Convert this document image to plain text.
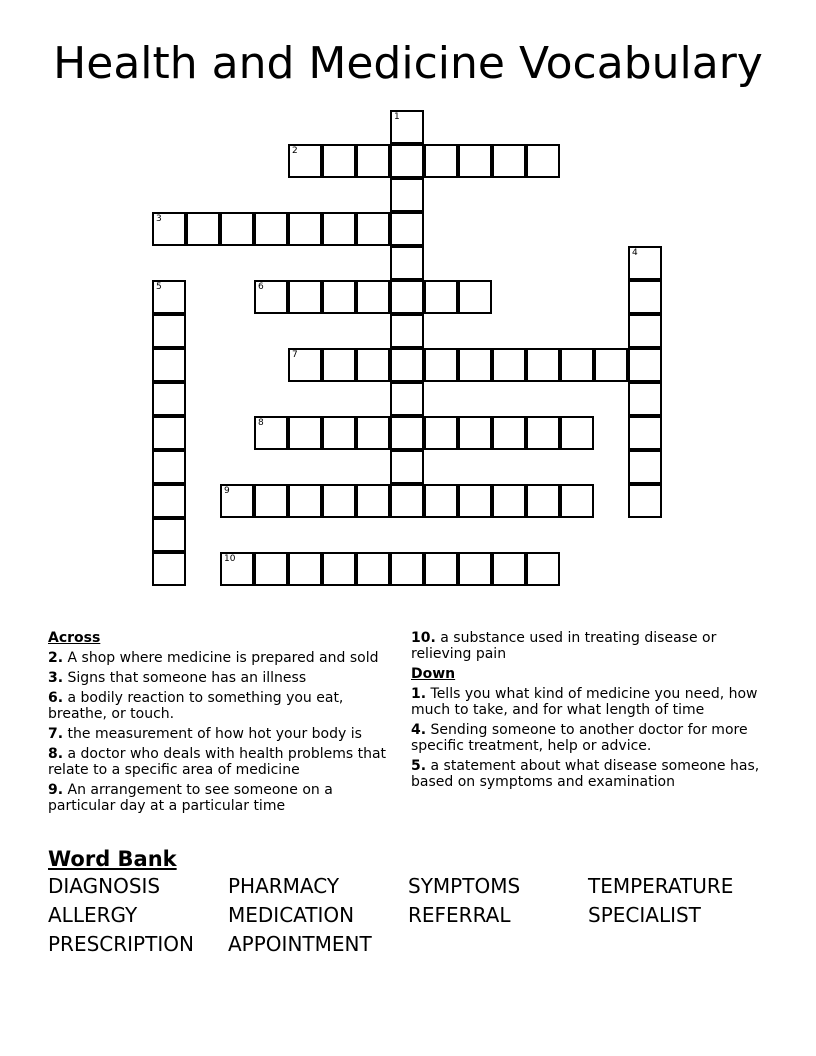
Health and Medicine Vocabulary
1
2
3
4
5	6
7
8
9
10
Across
2. A shop where medicine is prepared and sold
3. Signs that someone has an illness
6. a bodily reaction to something you eat, breathe, or touch.
7. the measurement of how hot your body is
8. a doctor who deals with health problems that relate to a specific area of medicine
9. An arrangement to see someone on a particular day at a particular time
10. a substance used in treating disease or relieving pain
Down
1. Tells you what kind of medicine you need, how much to take, and for what length of time
4. Sending someone to another doctor for more specific treatment, help or advice.
5. a statement about what disease someone has, based on symptoms and examination
Word Bank
DIAGNOSIS	PHARMACY	SYMPTOMS	TEMPERATURE
ALLERGY	MEDICATION	REFERRAL	SPECIALIST
PRESCRIPTION APPOINTMENT
